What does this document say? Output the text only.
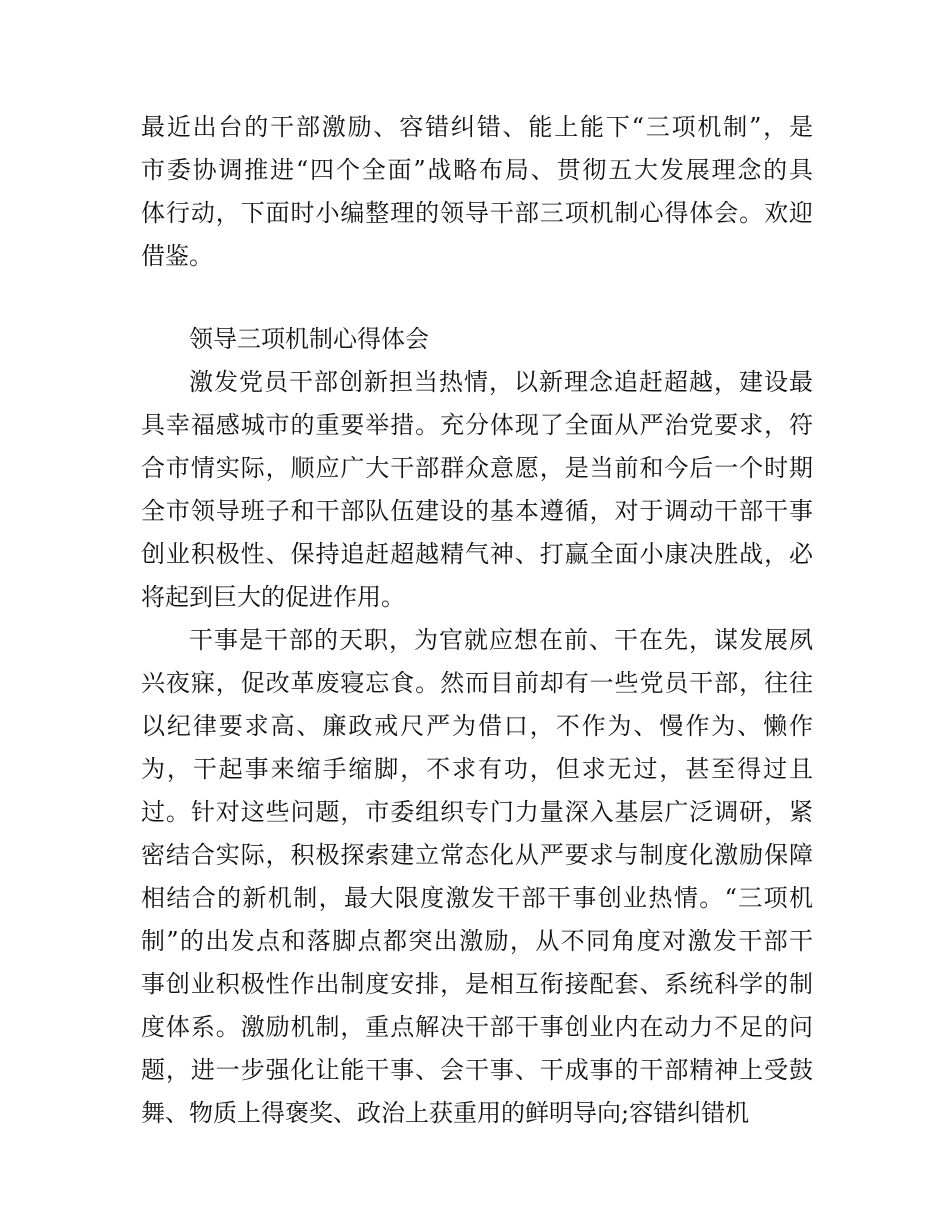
最近出台的干部激励、容错纠错、能上能下“三项机制”，是
市委协调推进“四个全面”战略布局、贯彻五大发展理念的具
体行动，下面时小编整理的领导干部三项机制心得体会。欢迎
借鉴。
领导三项机制心得体会
激发党员干部创新担当热情，以新理念追赶超越，建设最
具幸福感城市的重要举措。充分体现了全面从严治党要求，符
合市情实际，顺应广大干部群众意愿，是当前和今后一个时期
全市领导班子和干部队伍建设的基本遵循，对于调动干部干事
创业积极性、保持追赶超越精气神、打赢全面小康决胜战，必
将起到巨大的促进作用。
干事是干部的天职，为官就应想在前、干在先，谋发展夙
兴夜寐，促改革废寝忘食。然而目前却有一些党员干部，往往
以纪律要求高、廉政戒尺严为借口，不作为、慢作为、懒作
为，干起事来缩手缩脚，不求有功，但求无过，甚至得过且
过。针对这些问题，市委组织专门力量深入基层广泛调研，紧
密结合实际，积极探索建立常态化从严要求与制度化激励保障
相结合的新机制，最大限度激发干部干事创业热情。“三项机
制”的出发点和落脚点都突出激励，从不同角度对激发干部干
事创业积极性作出制度安排，是相互衔接配套、系统科学的制
度体系。激励机制，重点解决干部干事创业内在动力不足的问
题，进一步强化让能干事、会干事、干成事的干部精神上受鼓
舞、物质上得褒奖、政治上获重用的鲜明导向;容错纠错机
